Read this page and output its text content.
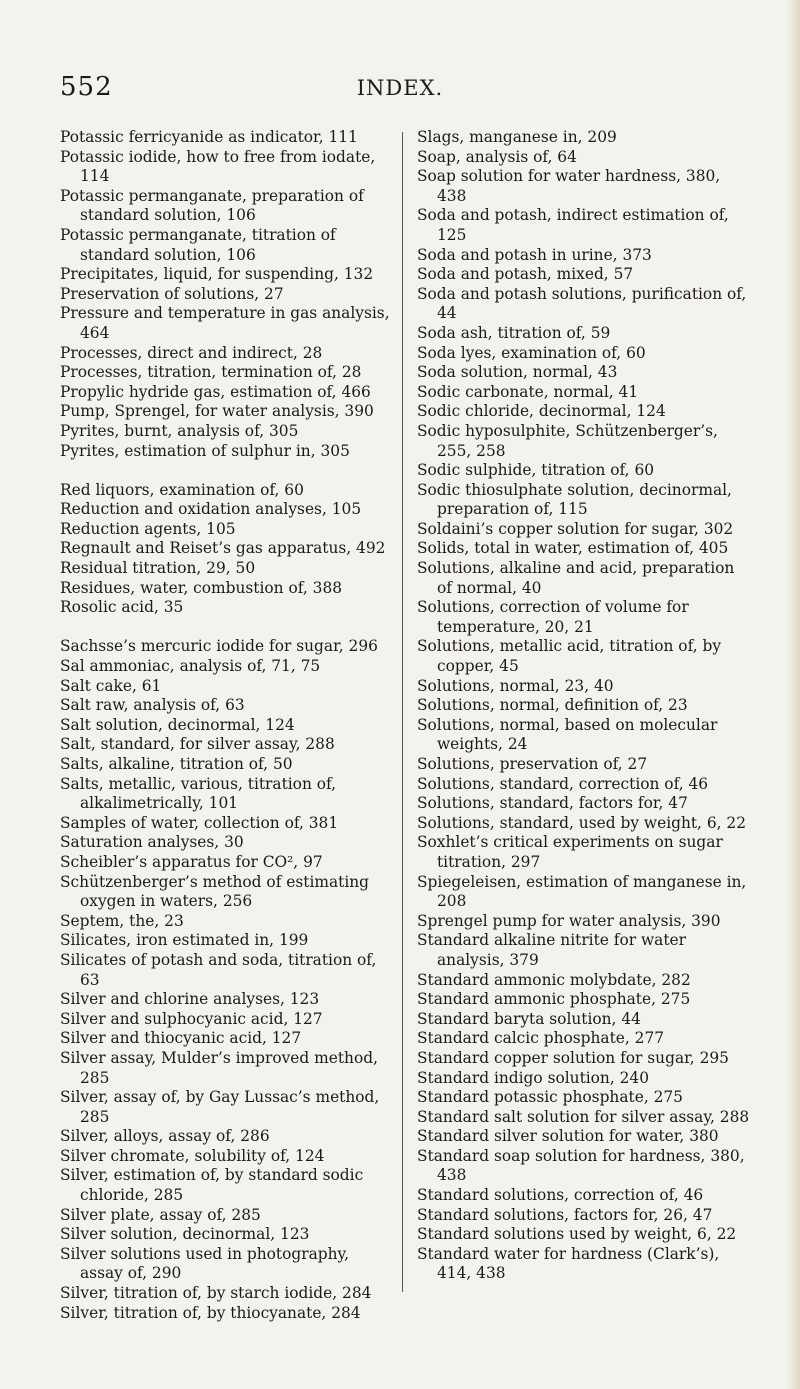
552	INDEX.

Potassic ferricyanide as indicator, 111

Potassic iodide, how to free from iodate, 114

Potassic permanganate, preparation of standard solution, 106

Potassic permanganate, titration of standard solution, 106

Precipitates, liquid, for suspending, 132

Preservation of solutions, 27

Pressure and temperature in gas analysis, 464

Processes, direct and indirect, 28

Processes, titration, termination of, 28

Propylic hydride gas, estimation of, 466

Pump, Sprengel, for water analysis, 390

Pyrites, burnt, analysis of, 305

Pyrites, estimation of sulphur in, 305

Red liquors, examination of, 60

Reduction and oxidation analyses, 105

Reduction agents, 105

Regnault and Reiset’s gas apparatus, 492

Residual titration, 29, 50

Residues, water, combustion of, 388

Rosolic acid, 35

Sachsse’s mercuric iodide for sugar, 296

Sal ammoniac, analysis of, 71, 75

Salt cake, 61

Salt raw, analysis of, 63

Salt solution, decinormal, 124

Salt, standard, for silver assay, 288

Salts, alkaline, titration of, 50

Salts, metallic, various, titration of, alkalimetrically, 101

Samples of water, collection of, 381

Saturation analyses, 30

Scheibler’s apparatus for CO², 97

Schützenberger’s method of estimating oxygen in waters, 256

Septem, the, 23

Silicates, iron estimated in, 199

Silicates of potash and soda, titration of, 63

Silver and chlorine analyses, 123

Silver and sulphocyanic acid, 127

Silver and thiocyanic acid, 127

Silver assay, Mulder’s improved method, 285

Silver, assay of, by Gay Lussac’s method, 285

Silver, alloys, assay of, 286

Silver chromate, solubility of, 124

Silver, estimation of, by standard sodic chloride, 285

Silver plate, assay of, 285

Silver solution, decinormal, 123

Silver solutions used in photography, assay of, 290

Silver, titration of, by starch iodide, 284

Silver, titration of, by thiocyanate, 284

Slags, manganese in, 209

Soap, analysis of, 64

Soap solution for water hardness, 380, 438

Soda and potash, indirect estimation of, 125

Soda and potash in urine, 373

Soda and potash, mixed, 57

Soda and potash solutions, purification of, 44

Soda ash, titration of, 59

Soda lyes, examination of, 60

Soda solution, normal, 43

Sodic carbonate, normal, 41

Sodic chloride, decinormal, 124

Sodic hyposulphite, Schützenberger’s, 255, 258

Sodic sulphide, titration of, 60

Sodic thiosulphate solution, decinormal, preparation of, 115

Soldaini’s copper solution for sugar, 302

Solids, total in water, estimation of, 405

Solutions, alkaline and acid, preparation of normal, 40

Solutions, correction of volume for temperature, 20, 21

Solutions, metallic acid, titration of, by copper, 45

Solutions, normal, 23, 40

Solutions, normal, definition of, 23

Solutions, normal, based on molecular weights, 24

Solutions, preservation of, 27

Solutions, standard, correction of, 46

Solutions, standard, factors for, 47

Solutions, standard, used by weight, 6, 22

Soxhlet’s critical experiments on sugar titration, 297

Spiegeleisen, estimation of manganese in, 208

Sprengel pump for water analysis, 390

Standard alkaline nitrite for water analysis, 379

Standard ammonic molybdate, 282

Standard ammonic phosphate, 275

Standard baryta solution, 44

Standard calcic phosphate, 277

Standard copper solution for sugar, 295

Standard indigo solution, 240

Standard potassic phosphate, 275

Standard salt solution for silver assay, 288

Standard silver solution for water, 380

Standard soap solution for hardness, 380, 438

Standard solutions, correction of, 46

Standard solutions, factors for, 26, 47

Standard solutions used by weight, 6, 22

Standard water for hardness (Clark’s), 414, 438
